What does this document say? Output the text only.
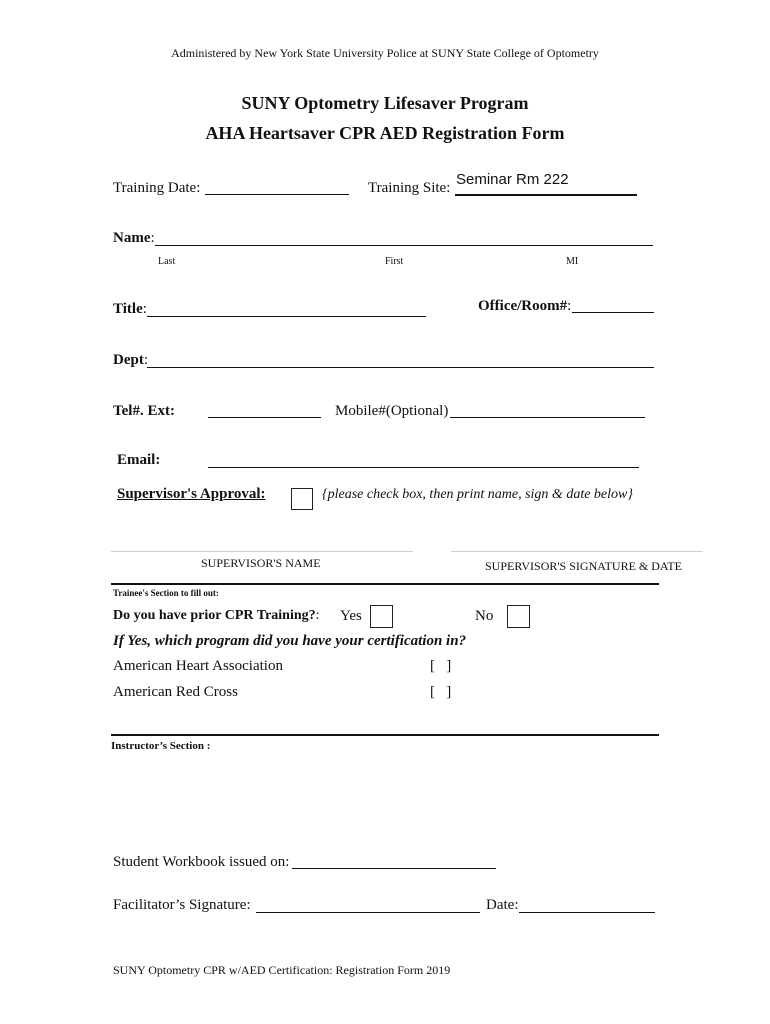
Administered by New York State University Police at SUNY State College of Optometry
SUNY Optometry Lifesaver Program
AHA Heartsaver CPR AED Registration Form
Training Date:	Training Site: Seminar Rm 222
Name:
Last	First	MI
Title:	Office/Room#:
Dept:
Tel#. Ext:	Mobile#(Optional)
Email:
Supervisor's Approval:	{please check box, then print name, sign & date below}
SUPERVISOR'S NAME	SUPERVISOR'S SIGNATURE & DATE
Trainee's Section to fill out:
Do you have prior CPR Training?: Yes	No
If Yes, which program did you have your certification in?
American Heart Association	[   ]
American Red Cross	[   ]
Instructor’s Section :
Student Workbook issued on:
Facilitator’s Signature:	Date:
SUNY Optometry CPR w/AED Certification: Registration Form 2019
